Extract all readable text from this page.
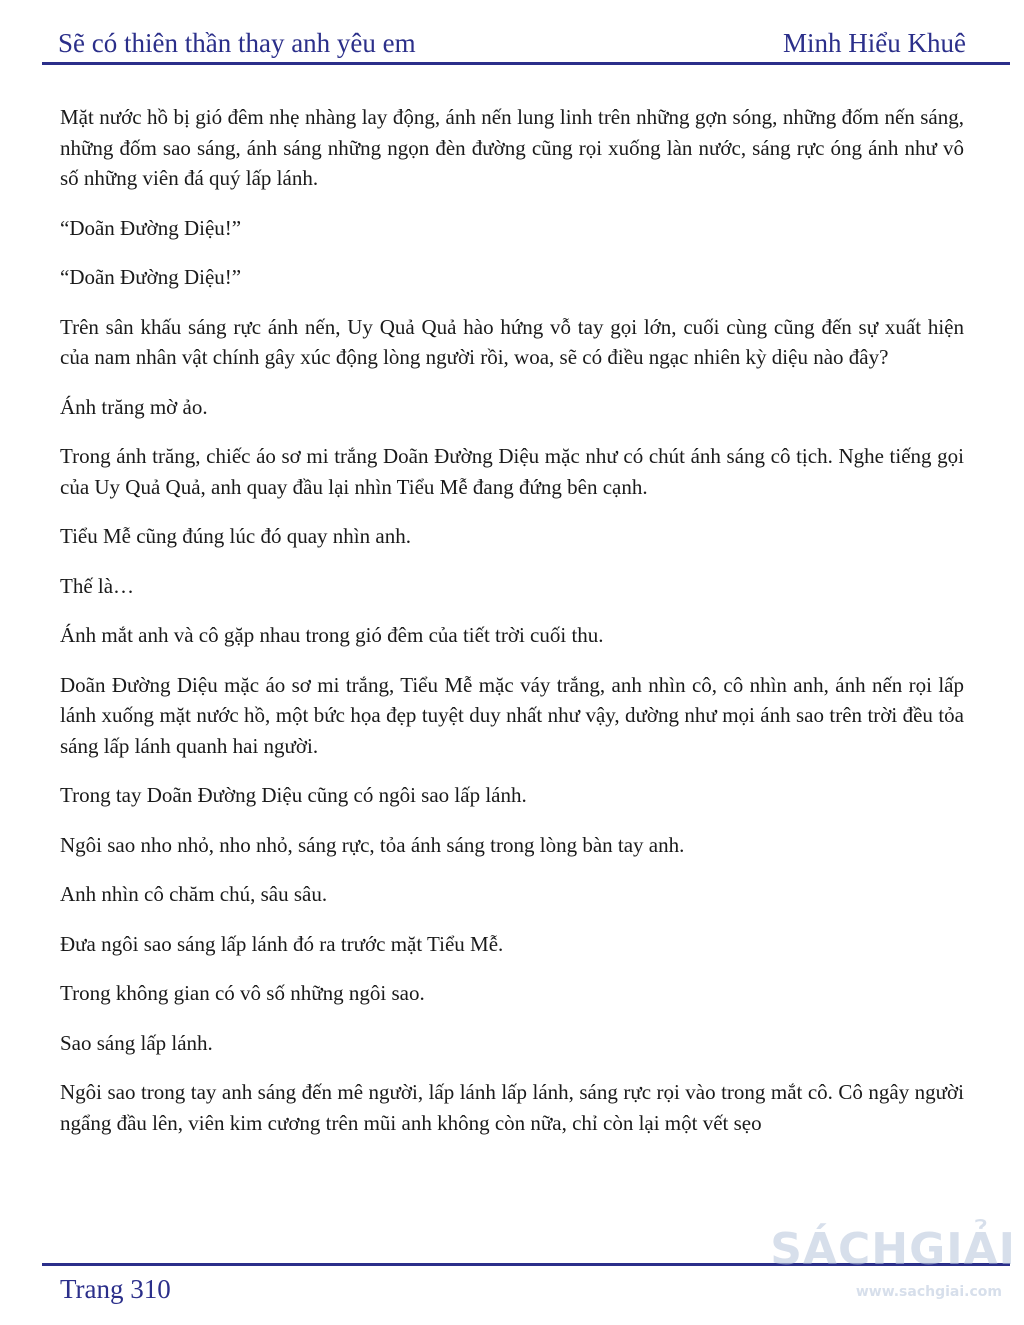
Sẽ có thiên thần thay anh yêu em	Minh Hiểu Khuê

Mặt nước hồ bị gió đêm nhẹ nhàng lay động, ánh nến lung linh trên những gợn sóng, những đốm nến sáng, những đốm sao sáng, ánh sáng những ngọn đèn đường cũng rọi xuống làn nước, sáng rực óng ánh như vô số những viên đá quý lấp lánh.

“Doãn Đường Diệu!”

“Doãn Đường Diệu!”

Trên sân khấu sáng rực ánh nến, Uy Quả Quả hào hứng vỗ tay gọi lớn, cuối cùng cũng đến sự xuất hiện của nam nhân vật chính gây xúc động lòng người rồi, woa, sẽ có điều ngạc nhiên kỳ diệu nào đây?

Ánh trăng mờ ảo.

Trong ánh trăng, chiếc áo sơ mi trắng Doãn Đường Diệu mặc như có chút ánh sáng cô tịch. Nghe tiếng gọi của Uy Quả Quả, anh quay đầu lại nhìn Tiểu Mễ đang đứng bên cạnh.

Tiểu Mễ cũng đúng lúc đó quay nhìn anh.

Thế là…

Ánh mắt anh và cô gặp nhau trong gió đêm của tiết trời cuối thu.

Doãn Đường Diệu mặc áo sơ mi trắng, Tiểu Mễ mặc váy trắng, anh nhìn cô, cô nhìn anh, ánh nến rọi lấp lánh xuống mặt nước hồ, một bức họa đẹp tuyệt duy nhất như vậy, dường như mọi ánh sao trên trời đều tỏa sáng lấp lánh quanh hai người.

Trong tay Doãn Đường Diệu cũng có ngôi sao lấp lánh.

Ngôi sao nho nhỏ, nho nhỏ, sáng rực, tỏa ánh sáng trong lòng bàn tay anh.

Anh nhìn cô chăm chú, sâu sâu.

Đưa ngôi sao sáng lấp lánh đó ra trước mặt Tiểu Mễ.

Trong không gian có vô số những ngôi sao.

Sao sáng lấp lánh.

Ngôi sao trong tay anh sáng đến mê người, lấp lánh lấp lánh, sáng rực rọi vào trong mắt cô. Cô ngây người ngẩng đầu lên, viên kim cương trên mũi anh không còn nữa, chỉ còn lại một vết sẹo

Trang 310
SÁCHGIẢI
www.sachgiai.com
